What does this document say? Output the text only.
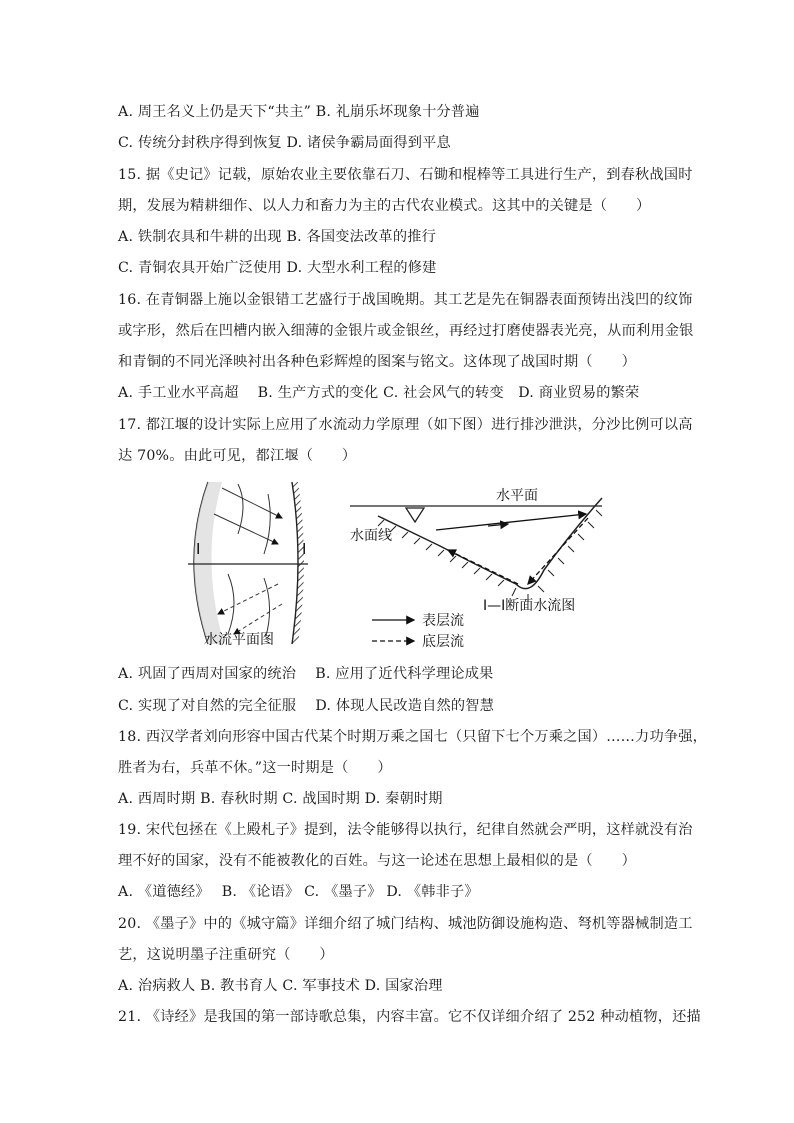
A. 周王名义上仍是天下“共主” B. 礼崩乐坏现象十分普遍
C. 传统分封秩序得到恢复 D. 诸侯争霸局面得到平息
15. 据《史记》记载，原始农业主要依靠石刀、石锄和棍棒等工具进行生产，到春秋战国时
期，发展为精耕细作、以人力和畜力为主的古代农业模式。这其中的关键是（　　）
A. 铁制农具和牛耕的出现 B. 各国变法改革的推行
C. 青铜农具开始广泛使用 D. 大型水利工程的修建
16. 在青铜器上施以金银错工艺盛行于战国晚期。其工艺是先在铜器表面预铸出浅凹的纹饰
或字形，然后在凹槽内嵌入细薄的金银片或金银丝，再经过打磨使器表光亮，从而利用金银
和青铜的不同光泽映衬出各种色彩辉煌的图案与铭文。这体现了战国时期（　　）
A. 手工业水平高超　 B. 生产方式的变化 C. 社会风气的转变　D. 商业贸易的繁荣
17. 都江堰的设计实际上应用了水流动力学原理（如下图）进行排沙泄洪，分沙比例可以高
达 70%。由此可见，都江堰（　　）
I	I
水流平面图
水平面
水面线
I—I断面水流图
表层流
底层流
A. 巩固了西周对国家的统治　 B. 应用了近代科学理论成果
C. 实现了对自然的完全征服　 D. 体现人民改造自然的智慧
18. 西汉学者刘向形容中国古代某个时期万乘之国七（只留下七个万乘之国）……力功争强，
胜者为右，兵革不休。”这一时期是（　　）
A. 西周时期 B. 春秋时期 C. 战国时期 D. 秦朝时期
19. 宋代包拯在《上殿札子》提到，法令能够得以执行，纪律自然就会严明，这样就没有治
理不好的国家，没有不能被教化的百姓。与这一论述在思想上最相似的是（　　）
A. 《道德经》　 B. 《论语》 C. 《墨子》 D. 《韩非子》
20. 《墨子》中的《城守篇》详细介绍了城门结构、城池防御设施构造、弩机等器械制造工
艺，这说明墨子注重研究（　　）
A. 治病救人 B. 教书育人 C. 军事技术 D. 国家治理
21. 《诗经》是我国的第一部诗歌总集，内容丰富。它不仅详细介绍了 252 种动植物，还描
